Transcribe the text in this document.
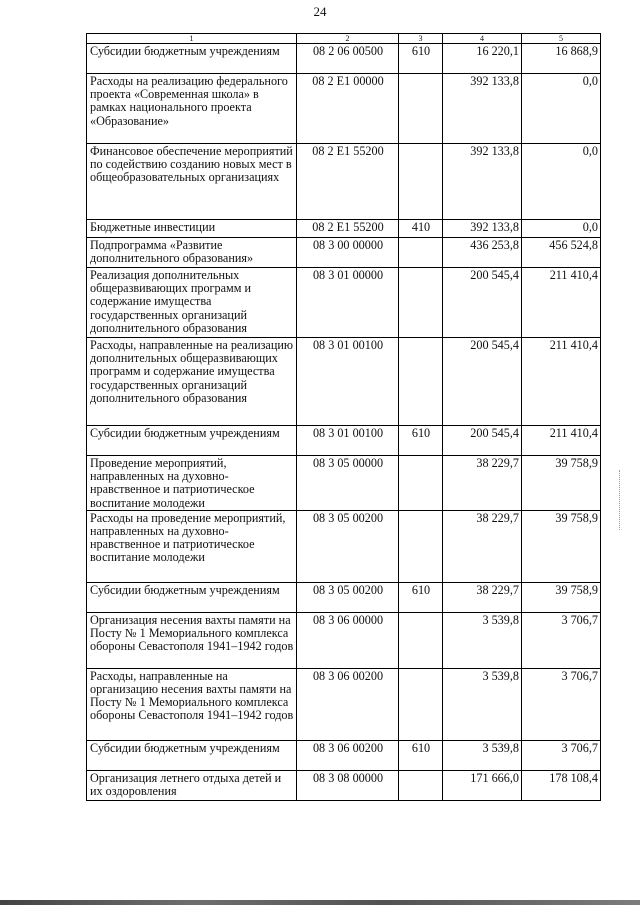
24
1	2	3	4	5
Субсидии бюджетным учреждениям	08 2 06 00500	610	16 220,1	16 868,9
Расходы на реализацию федерального проекта «Современная школа» в рамках национального проекта «Образование»	08 2 E1 00000		392 133,8	0,0
Финансовое обеспечение мероприятий по содействию созданию новых мест в общеобразовательных организациях	08 2 E1 55200		392 133,8	0,0
Бюджетные инвестиции	08 2 E1 55200	410	392 133,8	0,0
Подпрограмма «Развитие дополнительного образования»	08 3 00 00000		436 253,8	456 524,8
Реализация дополнительных общеразвивающих программ и содержание имущества государственных организаций дополнительного образования	08 3 01 00000		200 545,4	211 410,4
Расходы, направленные на реализацию дополнительных общеразвивающих программ и содержание имущества государственных организаций дополнительного образования	08 3 01 00100		200 545,4	211 410,4
Субсидии бюджетным учреждениям	08 3 01 00100	610	200 545,4	211 410,4
Проведение мероприятий, направленных на духовно-нравственное и патриотическое воспитание молодежи	08 3 05 00000		38 229,7	39 758,9
Расходы на проведение мероприятий, направленных на духовно-нравственное и патриотическое воспитание молодежи	08 3 05 00200		38 229,7	39 758,9
Субсидии бюджетным учреждениям	08 3 05 00200	610	38 229,7	39 758,9
Организация несения вахты памяти на Посту № 1 Мемориального комплекса обороны Севастополя 1941–1942 годов	08 3 06 00000		3 539,8	3 706,7
Расходы, направленные на организацию несения вахты памяти на Посту № 1 Мемориального комплекса обороны Севастополя 1941–1942 годов	08 3 06 00200		3 539,8	3 706,7
Субсидии бюджетным учреждениям	08 3 06 00200	610	3 539,8	3 706,7
Организация летнего отдыха детей и их оздоровления	08 3 08 00000		171 666,0	178 108,4
